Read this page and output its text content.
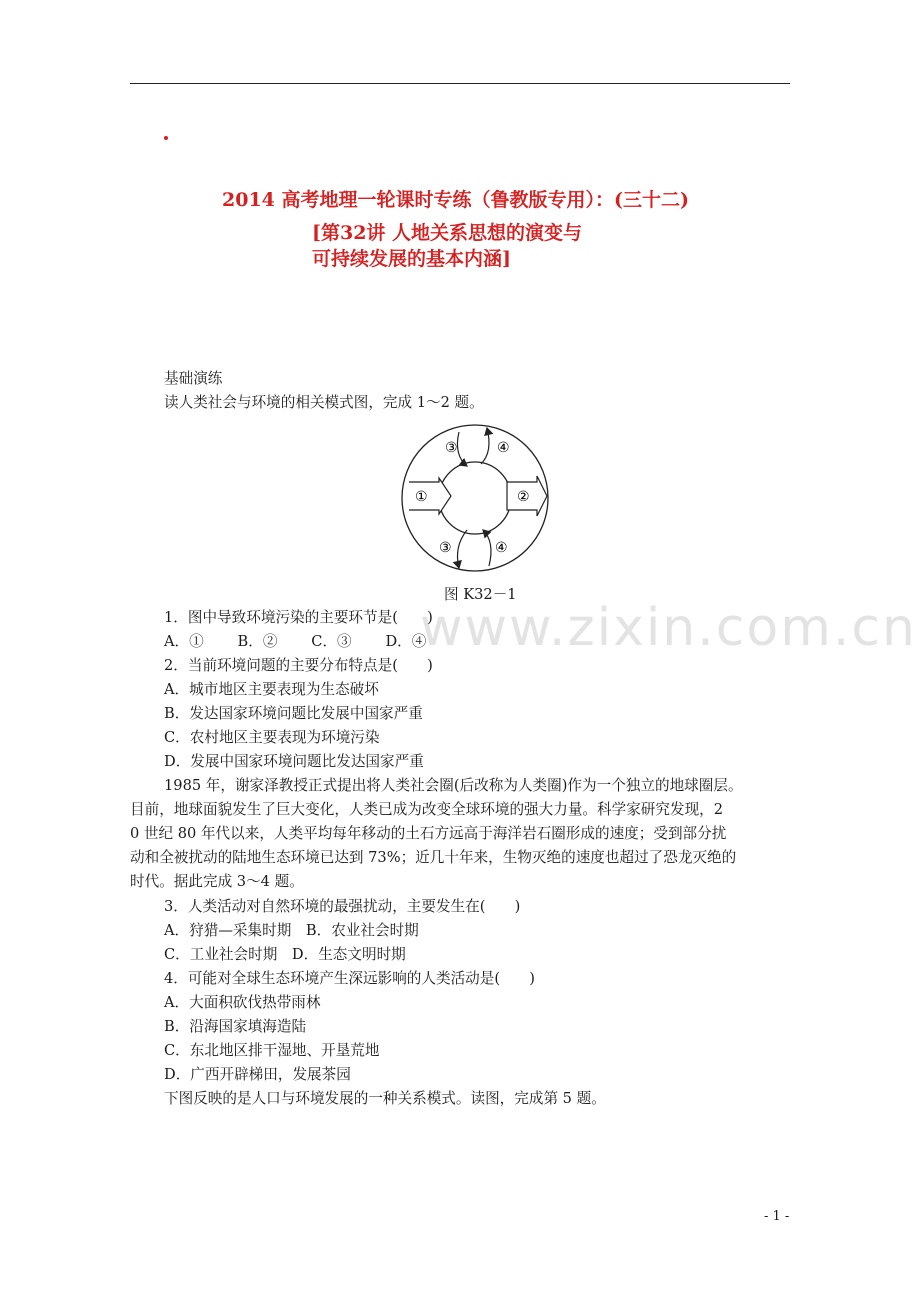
2014 高考地理一轮课时专练（鲁教版专用）：(三十二)
[第32讲 人地关系思想的演变与
可持续发展的基本内涵]
www.zixin.com.cn
基础演练
读人类社会与环境的相关模式图，完成 1～2 题。
③	④
①	②
③	④
图 K32－1
1．图中导致环境污染的主要环节是(　　)
A．①　　 B．②　　 C．③　　 D．④
2．当前环境问题的主要分布特点是(　　)
A．城市地区主要表现为生态破坏
B．发达国家环境问题比发展中国家严重
C．农村地区主要表现为环境污染
D．发展中国家环境问题比发达国家严重
1985 年，谢家泽教授正式提出将人类社会圈(后改称为人类圈)作为一个独立的地球圈层。
目前，地球面貌发生了巨大变化，人类已成为改变全球环境的强大力量。科学家研究发现，2
0 世纪 80 年代以来，人类平均每年移动的土石方远高于海洋岩石圈形成的速度；受到部分扰
动和全被扰动的陆地生态环境已达到 73%；近几十年来，生物灭绝的速度也超过了恐龙灭绝的
时代。据此完成 3～4 题。
3．人类活动对自然环境的最强扰动，主要发生在(　　)
A．狩猎—采集时期　B．农业社会时期
C．工业社会时期　D．生态文明时期
4．可能对全球生态环境产生深远影响的人类活动是(　　)
A．大面积砍伐热带雨林
B．沿海国家填海造陆
C．东北地区排干湿地、开垦荒地
D．广西开辟梯田，发展茶园
下图反映的是人口与环境发展的一种关系模式。读图，完成第 5 题。
- 1 -
